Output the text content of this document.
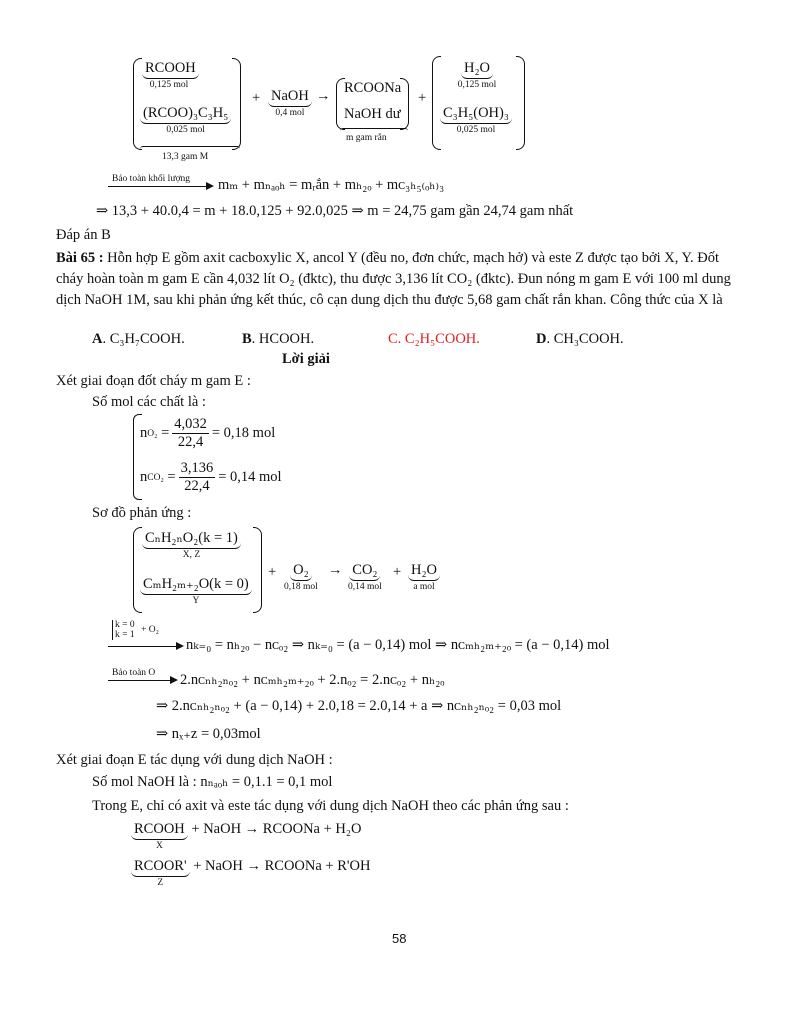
RCOOH
0,125 mol
(RCOO)₃C₃H₅
0,025 mol
13,3 gam M
+ NaOH
0,4 mol
→ RCOONa
NaOH dư
m gam rắn
+
H₂O
0,125 mol
C₃H₅(OH)₃
0,025 mol
Bảo toàn khối lượng mₘ + mₙₐₒₕ = mᵣắn + mₕ₂ₒ + mᴄ₃ₕ₅₍ₒₕ₎₃
⇒ 13,3 + 40.0,4 = m + 18.0,125 + 92.0,025 ⇒ m = 24,75 gam gần 24,74 gam nhất
Đáp án B
Bài 65 : Hỗn hợp E gồm axit cacboxylic X, ancol Y (đều no, đơn chức, mạch hở) và este Z được tạo bởi X, Y. Đốt cháy hoàn toàn m gam E cần 4,032 lít O₂ (đktc), thu được 3,136 lít CO₂ (đktc). Đun nóng m gam E với 100 ml dung dịch NaOH 1M, sau khi phản ứng kết thúc, cô cạn dung dịch thu được 5,68 gam chất rắn khan. Công thức của X là
A. C₃H₇COOH.	B. HCOOH.	C. C₂H₅COOH.	D. CH₃COOH.
Lời giải
Xét giai đoạn đốt cháy m gam E :
Số mol các chất là :
n $O_2 = \frac{4,032}{22,4} = 0,18$ mol
n $CO_2 = \frac{3,136}{22,4} = 0,14$ mol
Sơ đồ phản ứng :
CₙH₂ₙO₂(k = 1)
X, Z
CₘH₂ₘ₊₂O(k = 0)
Y
+	O₂
0,18 mol
→ CO₂
0,14 mol
+ H₂O
a mol
k = 0
k = 1 + O₂
nₖ₌₀ = nₕ₂ₒ − nᴄₒ₂ ⇒ nₖ₌₀ = (a − 0,14) mol ⇒ nᴄₘₕ₂ₘ₊₂ₒ = (a − 0,14) mol
Bảo toàn O 2.nᴄₙₕ₂ₙₒ₂ + nᴄₘₕ₂ₘ₊₂ₒ + 2.nₒ₂ = 2.nᴄₒ₂ + nₕ₂ₒ
⇒ 2.nᴄₙₕ₂ₙₒ₂ + (a − 0,14) + 2.0,18 = 2.0,14 + a ⇒ nᴄₙₕ₂ₙₒ₂ = 0,03 mol
⇒ nₓ₊ᴢ = 0,03mol
Xét giai đoạn E tác dụng với dung dịch NaOH :
Số mol NaOH là : nₙₐₒₕ = 0,1.1 = 0,1 mol
Trong E, chỉ có axit và este tác dụng với dung dịch NaOH theo các phản ứng sau :
RCOOH
X
+ NaOH → RCOONa + H₂O
RCOOR'
Z
+ NaOH → RCOONa + R'OH
58
